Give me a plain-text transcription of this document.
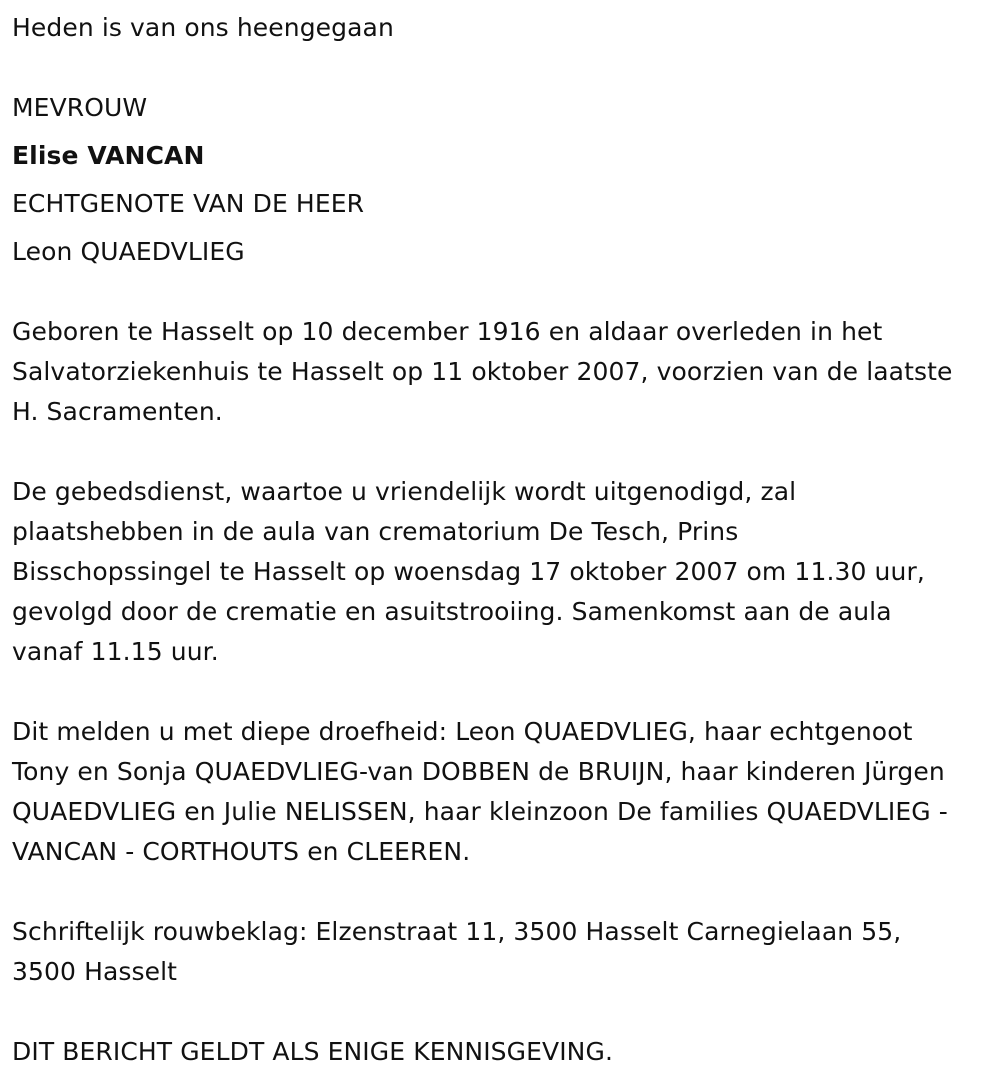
Heden is van ons heengegaan
MEVROUW
Elise VANCAN
ECHTGENOTE VAN DE HEER
Leon QUAEDVLIEG

Geboren te Hasselt op 10 december 1916 en aldaar overleden in het
Salvatorziekenhuis te Hasselt op 11 oktober 2007, voorzien van de laatste
H. Sacramenten.

De gebedsdienst, waartoe u vriendelijk wordt uitgenodigd, zal
plaatshebben in de aula van crematorium De Tesch, Prins
Bisschopssingel te Hasselt op woensdag 17 oktober 2007 om 11.30 uur,
gevolgd door de crematie en asuitstrooiing. Samenkomst aan de aula
vanaf 11.15 uur.

Dit melden u met diepe droefheid: Leon QUAEDVLIEG, haar echtgenoot
Tony en Sonja QUAEDVLIEG-van DOBBEN de BRUIJN, haar kinderen Jürgen
QUAEDVLIEG en Julie NELISSEN, haar kleinzoon De families QUAEDVLIEG -
VANCAN - CORTHOUTS en CLEEREN.

Schriftelijk rouwbeklag: Elzenstraat 11, 3500 Hasselt Carnegielaan 55,
3500 Hasselt

DIT BERICHT GELDT ALS ENIGE KENNISGEVING.
